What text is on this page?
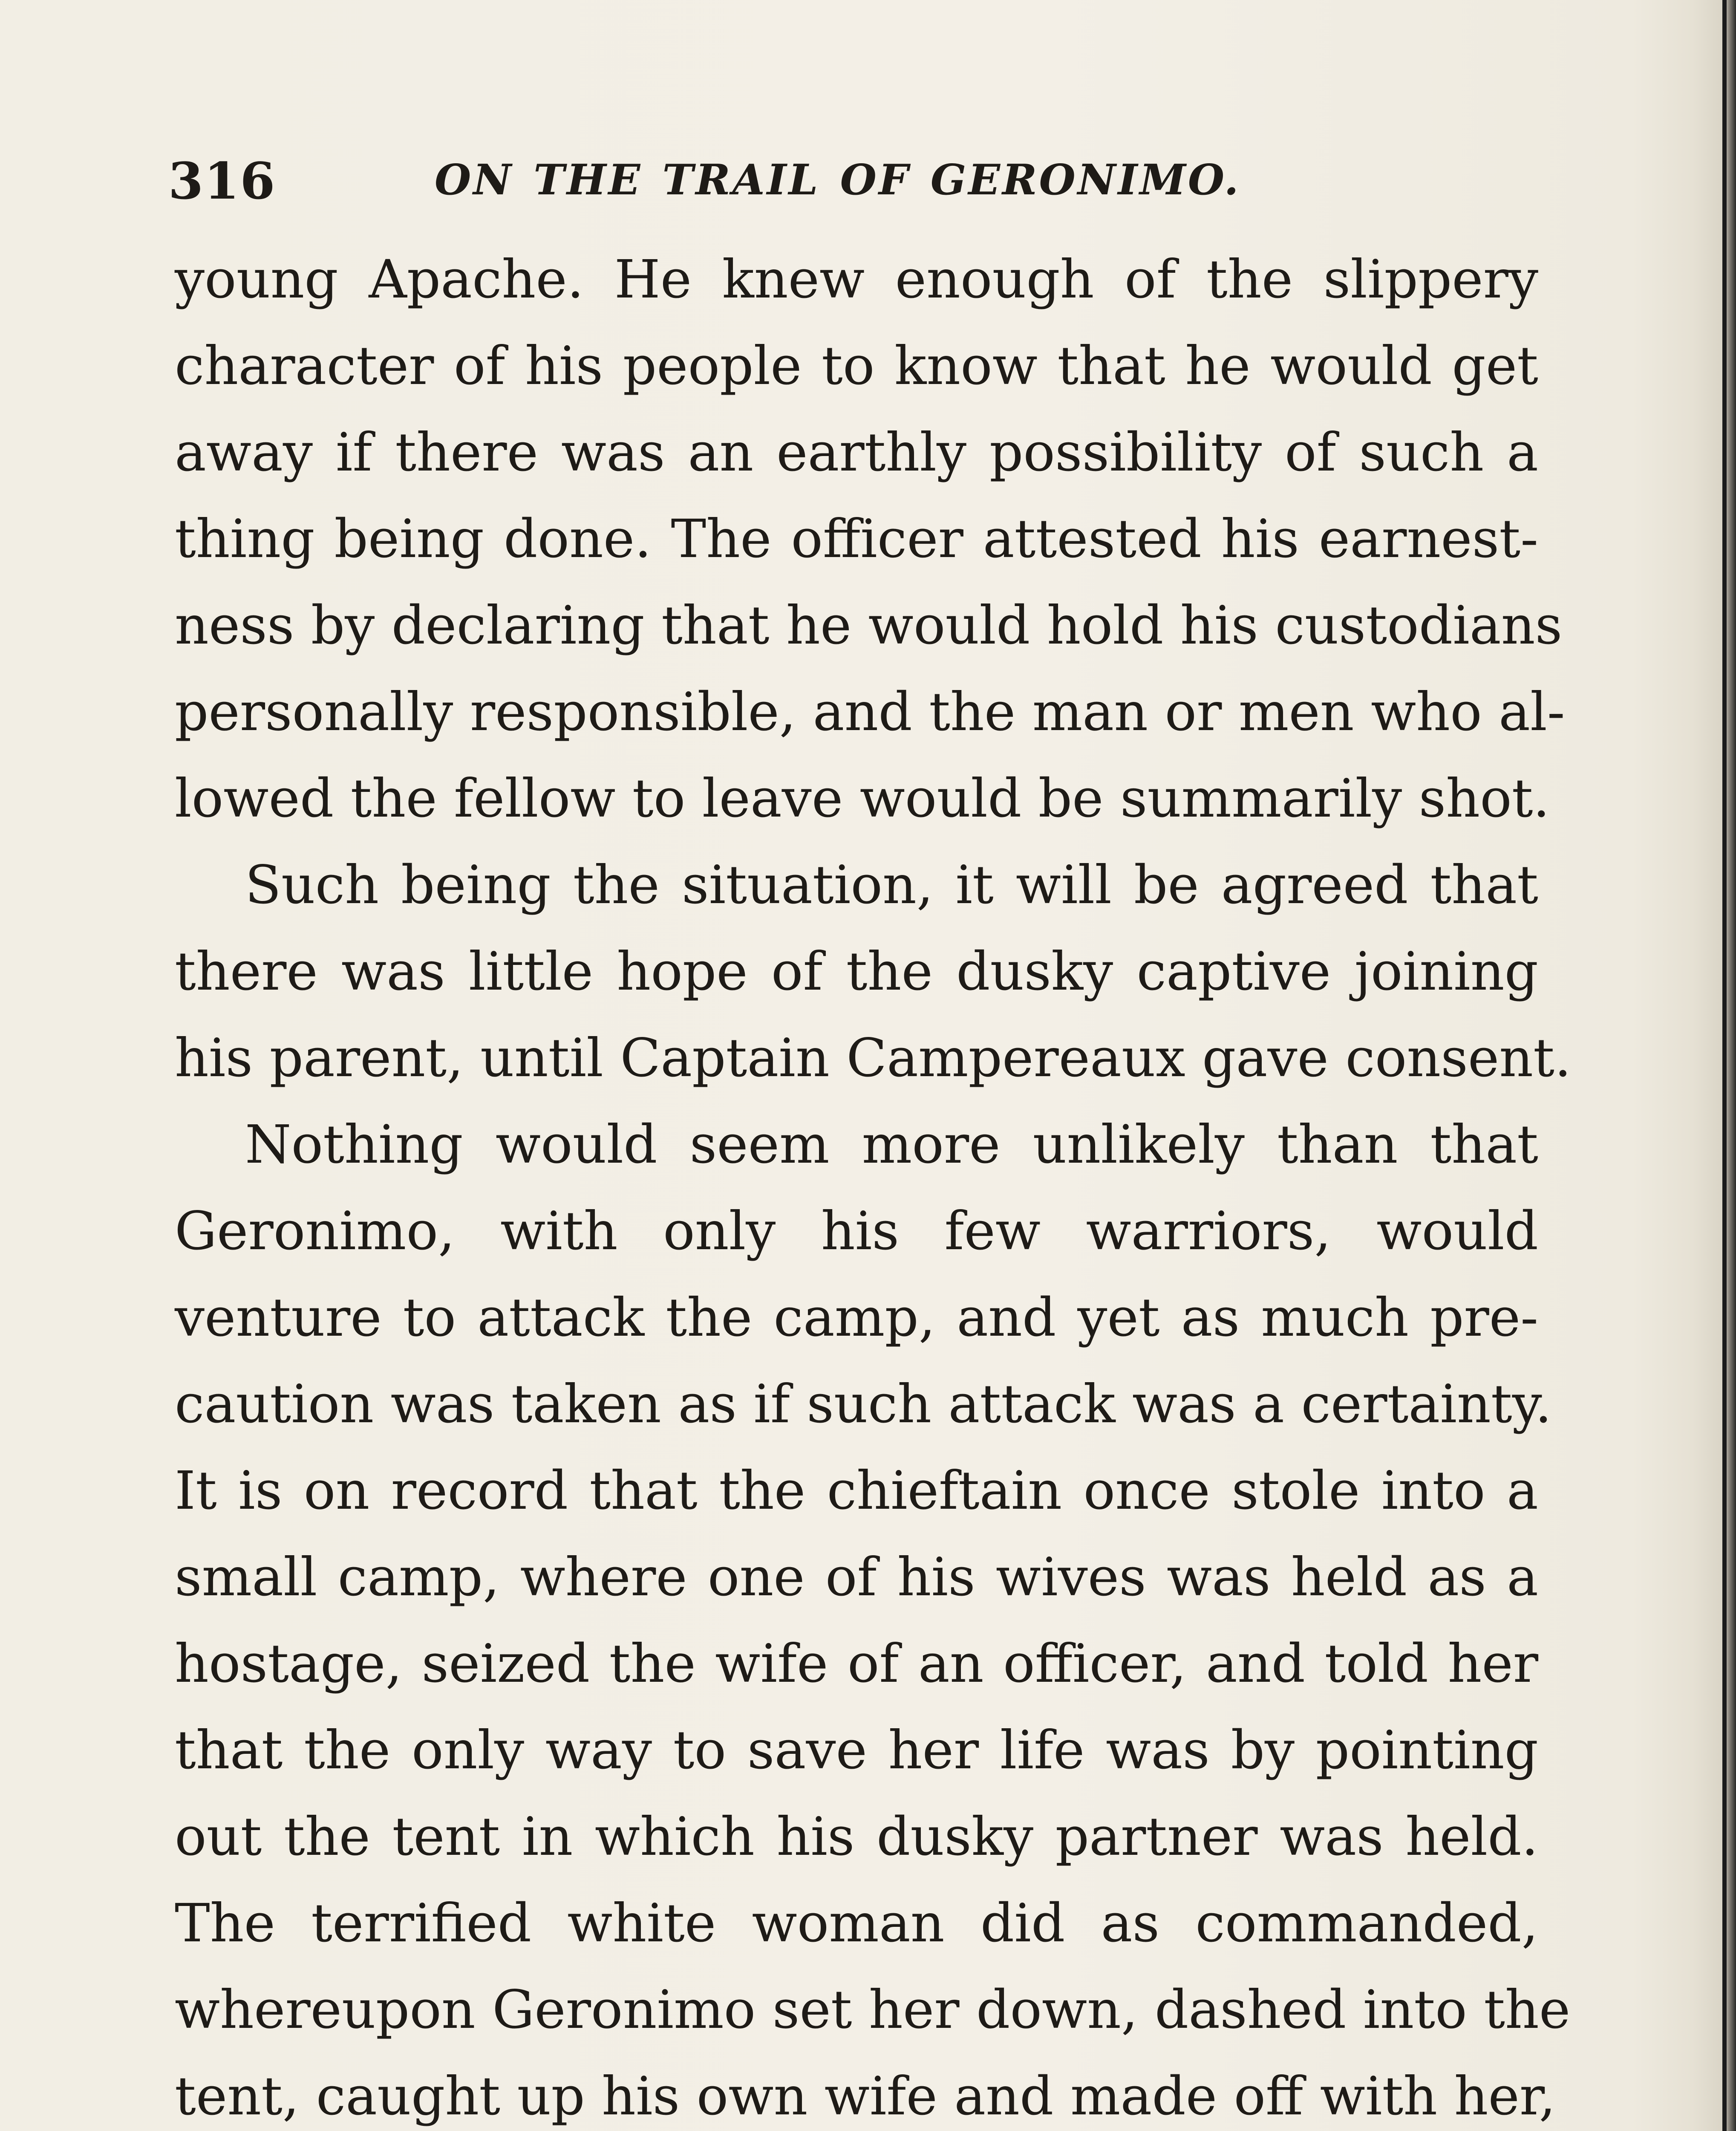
316	ON THE TRAIL OF GERONIMO.
young Apache. He knew enough of the slippery
character of his people to know that he would get
away if there was an earthly possibility of such a
thing being done. The officer attested his earnest-
ness by declaring that he would hold his custodians
personally responsible, and the man or men who al-
lowed the fellow to leave would be summarily shot.
Such being the situation, it will be agreed that
there was little hope of the dusky captive joining
his parent, until Captain Campereaux gave consent.
Nothing would seem more unlikely than that
Geronimo, with only his few warriors, would
venture to attack the camp, and yet as much pre-
caution was taken as if such attack was a certainty.
It is on record that the chieftain once stole into a
small camp, where one of his wives was held as a
hostage, seized the wife of an officer, and told her
that the only way to save her life was by pointing
out the tent in which his dusky partner was held.
The terrified white woman did as commanded,
whereupon Geronimo set her down, dashed into the
tent, caught up his own wife and made off with her,
